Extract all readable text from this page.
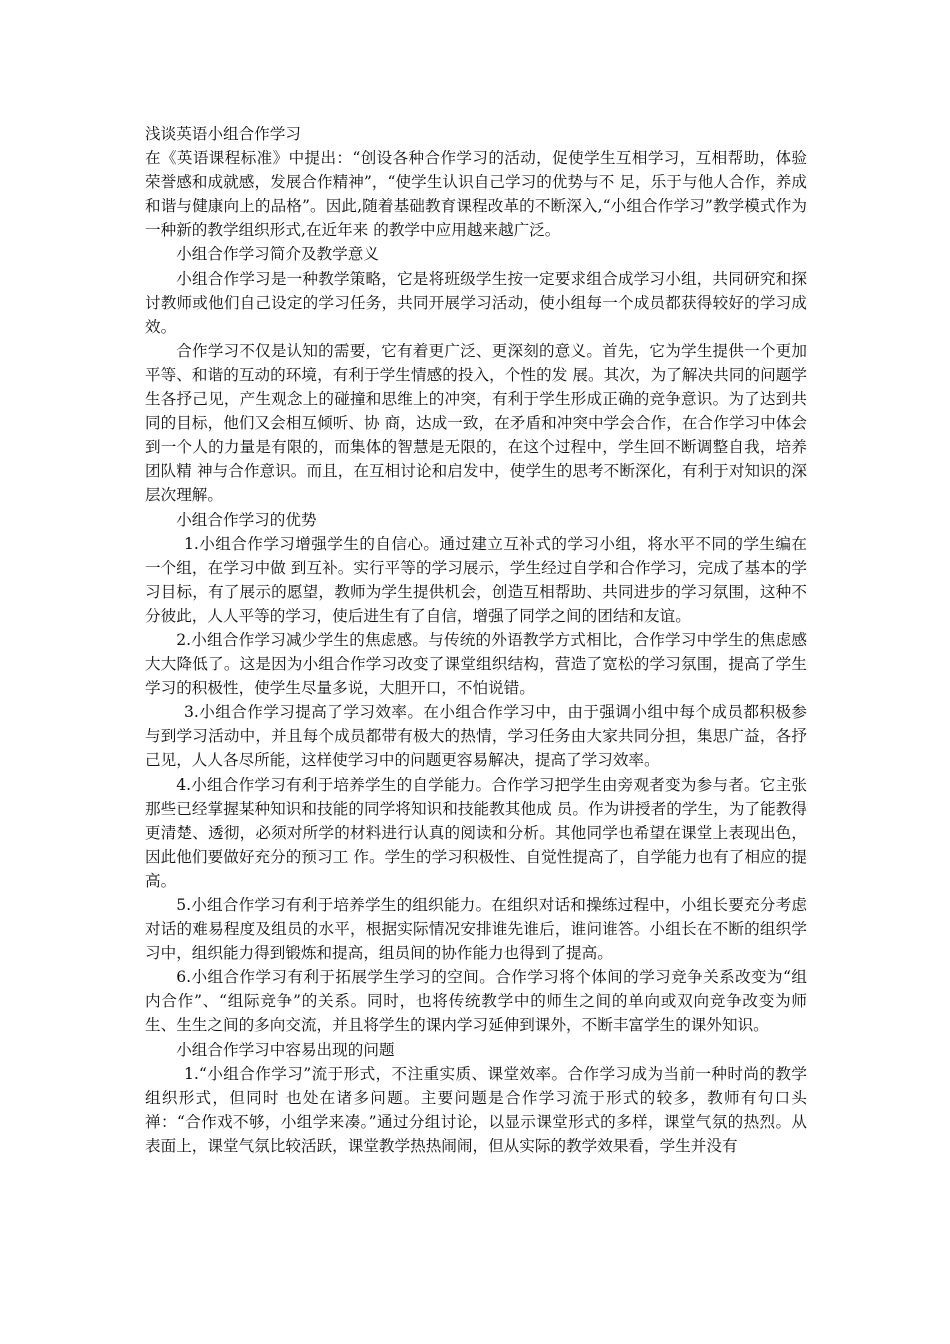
浅谈英语小组合作学习

在《英语课程标准》中提出：“创设各种合作学习的活动，促使学生互相学习，互相帮助，体验荣誉感和成就感，发展合作精神”，“使学生认识自己学习的优势与不 足，乐于与他人合作，养成和谐与健康向上的品格”。因此,随着基础教育课程改革的不断深入,“小组合作学习”教学模式作为一种新的教学组织形式,在近年来 的教学中应用越来越广泛。

小组合作学习简介及教学意义

小组合作学习是一种教学策略，它是将班级学生按一定要求组合成学习小组，共同研究和探讨教师或他们自己设定的学习任务，共同开展学习活动，使小组每一个成员都获得较好的学习成效。

合作学习不仅是认知的需要，它有着更广泛、更深刻的意义。首先，它为学生提供一个更加平等、和谐的互动的环境，有利于学生情感的投入，个性的发 展。其次，为了解决共同的问题学生各抒己见，产生观念上的碰撞和思维上的冲突，有利于学生形成正确的竞争意识。为了达到共同的目标，他们又会相互倾听、协 商，达成一致，在矛盾和冲突中学会合作，在合作学习中体会到一个人的力量是有限的，而集体的智慧是无限的，在这个过程中，学生回不断调整自我，培养团队精 神与合作意识。而且，在互相讨论和启发中，使学生的思考不断深化，有利于对知识的深层次理解。

小组合作学习的优势

1.小组合作学习增强学生的自信心。通过建立互补式的学习小组，将水平不同的学生编在一个组，在学习中做 到互补。实行平等的学习展示，学生经过自学和合作学习，完成了基本的学习目标，有了展示的愿望，教师为学生提供机会，创造互相帮助、共同进步的学习氛围，这种不分彼此，人人平等的学习，使后进生有了自信，增强了同学之间的团结和友谊。

2.小组合作学习减少学生的焦虑感。与传统的外语教学方式相比，合作学习中学生的焦虑感大大降低了。这是因为小组合作学习改变了课堂组织结构，营造了宽松的学习氛围，提高了学生学习的积极性，使学生尽量多说，大胆开口，不怕说错。

3.小组合作学习提高了学习效率。在小组合作学习中，由于强调小组中每个成员都积极参与到学习活动中，并且每个成员都带有极大的热情，学习任务由大家共同分担，集思广益，各抒己见，人人各尽所能，这样使学习中的问题更容易解决，提高了学习效率。

4.小组合作学习有利于培养学生的自学能力。合作学习把学生由旁观者变为参与者。它主张那些已经掌握某种知识和技能的同学将知识和技能教其他成 员。作为讲授者的学生，为了能教得更清楚、透彻，必须对所学的材料进行认真的阅读和分析。其他同学也希望在课堂上表现出色，因此他们要做好充分的预习工 作。学生的学习积极性、自觉性提高了，自学能力也有了相应的提高。

5.小组合作学习有利于培养学生的组织能力。在组织对话和操练过程中，小组长要充分考虑对话的难易程度及组员的水平，根据实际情况安排谁先谁后，谁问谁答。小组长在不断的组织学习中，组织能力得到锻炼和提高，组员间的协作能力也得到了提高。

6.小组合作学习有利于拓展学生学习的空间。合作学习将个体间的学习竞争关系改变为“组内合作”、“组际竞争”的关系。同时，也将传统教学中的师生之间的单向或双向竞争改变为师生、生生之间的多向交流，并且将学生的课内学习延伸到课外，不断丰富学生的课外知识。

小组合作学习中容易出现的问题

1.“小组合作学习”流于形式，不注重实质、课堂效率。合作学习成为当前一种时尚的教学组织形式，但同时 也处在诸多问题。主要问题是合作学习流于形式的较多，教师有句口头禅：“合作戏不够，小组学来凑。”通过分组讨论，以显示课堂形式的多样，课堂气氛的热烈。从表面上，课堂气氛比较活跃，课堂教学热热闹闹，但从实际的教学效果看，学生并没有
